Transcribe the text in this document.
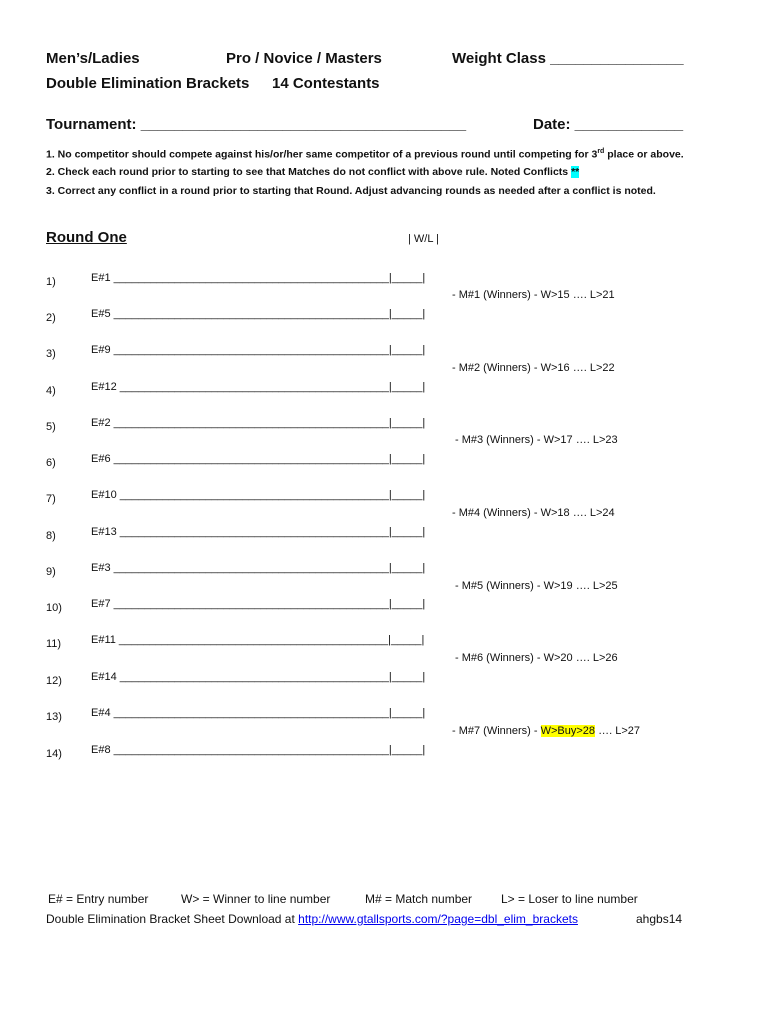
Men’s/Ladies	Pro / Novice / Masters	Weight Class ________________
Double Elimination Brackets 14 Contestants
Tournament: _______________________________________	Date: _____________
1. No competitor should compete against his/or/her same competitor of a previous round until competing for 3rd place or above.
2. Check each round prior to starting to see that Matches do not conflict with above rule. Noted Conflicts **
3. Correct any conflict in a round prior to starting that Round. Adjust advancing rounds as needed after a conflict is noted.
Round One	| W/L |
1)	E#1 _____________________________________________|_____|
2)	E#5 _____________________________________________|_____|
3)	E#9 _____________________________________________|_____|
4)	E#12 ____________________________________________|_____|
5)	E#2 _____________________________________________|_____|
6)	E#6 _____________________________________________|_____|
7)	E#10 ____________________________________________|_____|
8)	E#13 ____________________________________________|_____|
9)	E#3 _____________________________________________|_____|
10)	E#7 _____________________________________________|_____|
11)	E#11 ____________________________________________|_____|
12)	E#14 ____________________________________________|_____|
13)	E#4 _____________________________________________|_____|
14)	E#8 _____________________________________________|_____|
- M#1 (Winners) - W>15 …. L>21
- M#2 (Winners) - W>16 …. L>22
- M#3 (Winners) - W>17 …. L>23
- M#4 (Winners) - W>18 …. L>24
- M#5 (Winners) - W>19 …. L>25
- M#6 (Winners) - W>20 …. L>26
- M#7 (Winners) - W>Buy>28 …. L>27
E# = Entry number	W> = Winner to line number	M# = Match number L> = Loser to line number
Double Elimination Bracket Sheet Download at http://www.gtallsports.com/?page=dbl_elim_brackets	ahgbs14
